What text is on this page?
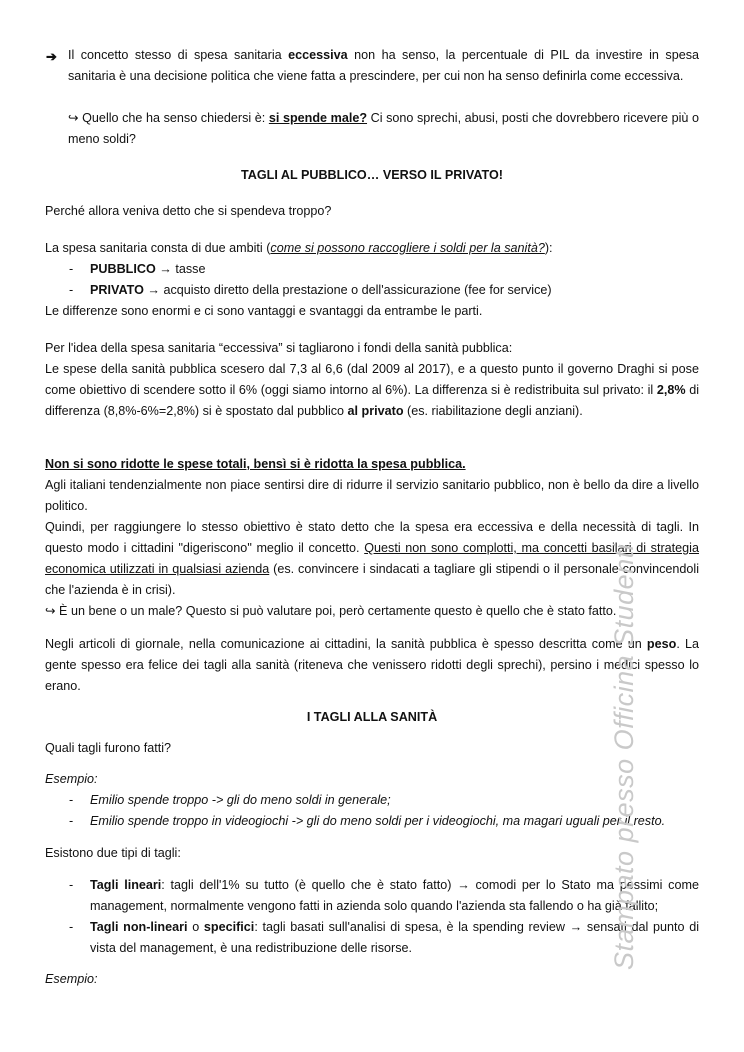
➔ Il concetto stesso di spesa sanitaria eccessiva non ha senso, la percentuale di PIL da investire in spesa sanitaria è una decisione politica che viene fatta a prescindere, per cui non ha senso definirla come eccessiva.

↪ Quello che ha senso chiedersi è: si spende male? Ci sono sprechi, abusi, posti che dovrebbero ricevere più o meno soldi?

TAGLI AL PUBBLICO… VERSO IL PRIVATO!

Perché allora veniva detto che si spendeva troppo?

La spesa sanitaria consta di due ambiti (come si possono raccogliere i soldi per la sanità?):

- PUBBLICO → tasse

- PRIVATO → acquisto diretto della prestazione o dell'assicurazione (fee for service)

Le differenze sono enormi e ci sono vantaggi e svantaggi da entrambe le parti.

Per l'idea della spesa sanitaria “eccessiva” si tagliarono i fondi della sanità pubblica:

Le spese della sanità pubblica scesero dal 7,3 al 6,6 (dal 2009 al 2017), e a questo punto il governo Draghi si pose come obiettivo di scendere sotto il 6% (oggi siamo intorno al 6%). La differenza si è redistribuita sul privato: il 2,8% di differenza (8,8%-6%=2,8%) si è spostato dal pubblico al privato (es. riabilitazione degli anziani).

Non si sono ridotte le spese totali, bensì si è ridotta la spesa pubblica.

Agli italiani tendenzialmente non piace sentirsi dire di ridurre il servizio sanitario pubblico, non è bello da dire a livello politico.

Quindi, per raggiungere lo stesso obiettivo è stato detto che la spesa era eccessiva e della necessità di tagli. In questo modo i cittadini "digeriscono" meglio il concetto. Questi non sono complotti, ma concetti basilari di strategia economica utilizzati in qualsiasi azienda (es. convincere i sindacati a tagliare gli stipendi o il personale convincendoli che l'azienda è in crisi).

↪ È un bene o un male? Questo si può valutare poi, però certamente questo è quello che è stato fatto.

Negli articoli di giornale, nella comunicazione ai cittadini, la sanità pubblica è spesso descritta come un peso. La gente spesso era felice dei tagli alla sanità (riteneva che venissero ridotti degli sprechi), persino i medici spesso lo erano.

I TAGLI ALLA SANITÀ

Quali tagli furono fatti?

Esempio:

- Emilio spende troppo -> gli do meno soldi in generale;

- Emilio spende troppo in videogiochi -> gli do meno soldi per i videogiochi, ma magari uguali per il resto.

Esistono due tipi di tagli:

- Tagli lineari: tagli dell'1% su tutto (è quello che è stato fatto) → comodi per lo Stato ma pessimi come management, normalmente vengono fatti in azienda solo quando l'azienda sta fallendo o ha già fallito;

- Tagli non-lineari o specifici: tagli basati sull'analisi di spesa, è la spending review → sensati dal punto di vista del management, è una redistribuzione delle risorse.

Esempio:

Stampato presso Officina Studenti
